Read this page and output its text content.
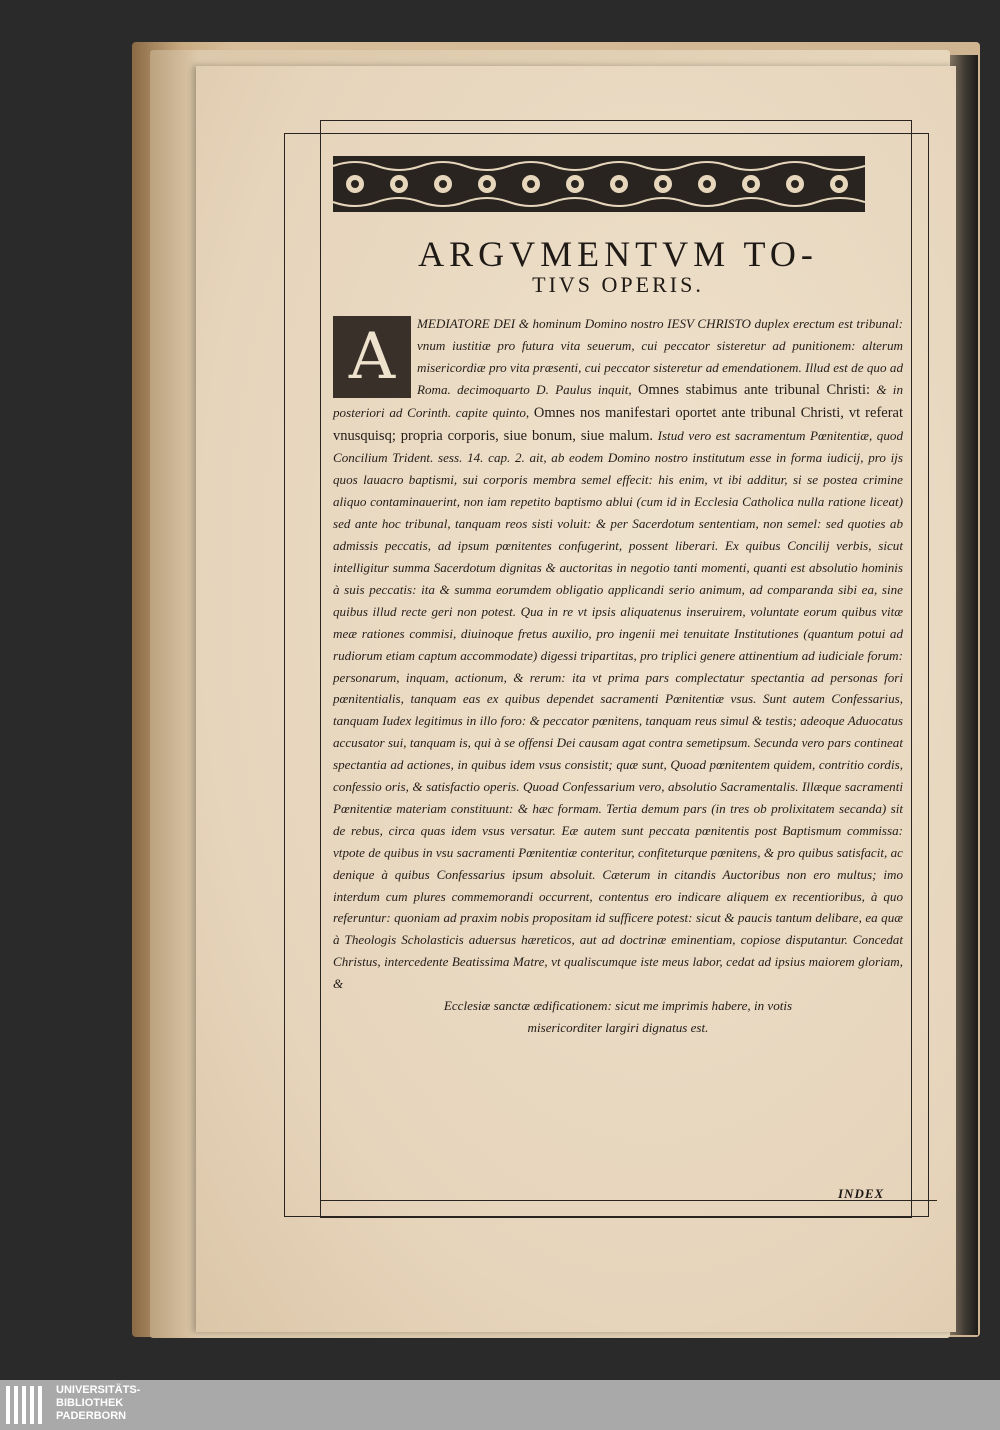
ARGVMENTVM TO-
TIVS OPERIS.
A	MEDIATORE DEI & hominum Domino nostro IESV CHRISTO duplex erectum est tribunal: vnum iustitiæ pro futura vita seuerum, cui peccator sisteretur ad punitionem: alterum misericordiæ pro vita præsenti, cui peccator sisteretur ad emendationem. Illud est de quo ad Roma. decimoquarto D. Paulus inquit, Omnes stabimus ante tribunal Christi: & in posteriori ad Corinth. capite quinto, Omnes nos manifestari oportet ante tribunal Christi, vt referat vnusquisq; propria corporis, siue bonum, siue malum. Istud vero est sacramentum Pœnitentiæ, quod Concilium Trident. sess. 14. cap. 2. ait, ab eodem Domino nostro institutum esse in forma iudicij, pro ijs quos lauacro baptismi, sui corporis membra semel effecit: his enim, vt ibi additur, si se postea crimine aliquo contaminauerint, non iam repetito baptismo ablui (cum id in Ecclesia Catholica nulla ratione liceat) sed ante hoc tribunal, tanquam reos sisti voluit: & per Sacerdotum sententiam, non semel: sed quoties ab admissis peccatis, ad ipsum pœnitentes confugerint, possent liberari. Ex quibus Concilij verbis, sicut intelligitur summa Sacerdotum dignitas & auctoritas in negotio tanti momenti, quanti est absolutio hominis à suis peccatis: ita & summa eorumdem obligatio applicandi serio animum, ad comparanda sibi ea, sine quibus illud recte geri non potest. Qua in re vt ipsis aliquatenus inseruirem, voluntate eorum quibus vitæ meæ rationes commisi, diuinoque fretus auxilio, pro ingenii mei tenuitate Institutiones (quantum potui ad rudiorum etiam captum accommodate) digessi tripartitas, pro triplici genere attinentium ad iudiciale forum: personarum, inquam, actionum, & rerum: ita vt prima pars complectatur spectantia ad personas fori pœnitentialis, tanquam eas ex quibus dependet sacramenti Pœnitentiæ vsus. Sunt autem Confessarius, tanquam Iudex legitimus in illo foro: & peccator pœnitens, tanquam reus simul & testis; adeoque Aduocatus accusator sui, tanquam is, qui à se offensi Dei causam agat contra semetipsum. Secunda vero pars contineat spectantia ad actiones, in quibus idem vsus consistit; quæ sunt, Quoad pœnitentem quidem, contritio cordis, confessio oris, & satisfactio operis. Quoad Confessarium vero, absolutio Sacramentalis. Illæque sacramenti Pœnitentiæ materiam constituunt: & hæc formam. Tertia demum pars (in tres ob prolixitatem secanda) sit de rebus, circa quas idem vsus versatur. Eæ autem sunt peccata pœnitentis post Baptismum commissa: vtpote de quibus in vsu sacramenti Pœnitentiæ conteritur, confiteturque pœnitens, & pro quibus satisfacit, ac denique à quibus Confessarius ipsum absoluit. Cæterum in citandis Auctoribus non ero multus; imo interdum cum plures commemorandi occurrent, contentus ero indicare aliquem ex recentioribus, à quo referuntur: quoniam ad praxim nobis propositam id sufficere potest: sicut & paucis tantum delibare, ea quæ à Theologis Scholasticis aduersus hæreticos, aut ad doctrinæ eminentiam, copiose disputantur. Concedat Christus, intercedente Beatissima Matre, vt qualiscumque iste meus labor, cedat ad ipsius maiorem gloriam, &
Ecclesiæ sanctæ ædificationem: sicut me imprimis habere, in votis
misericorditer largiri dignatus est.
INDEX
UNIVERSITÄTS-
BIBLIOTHEK
PADERBORN
